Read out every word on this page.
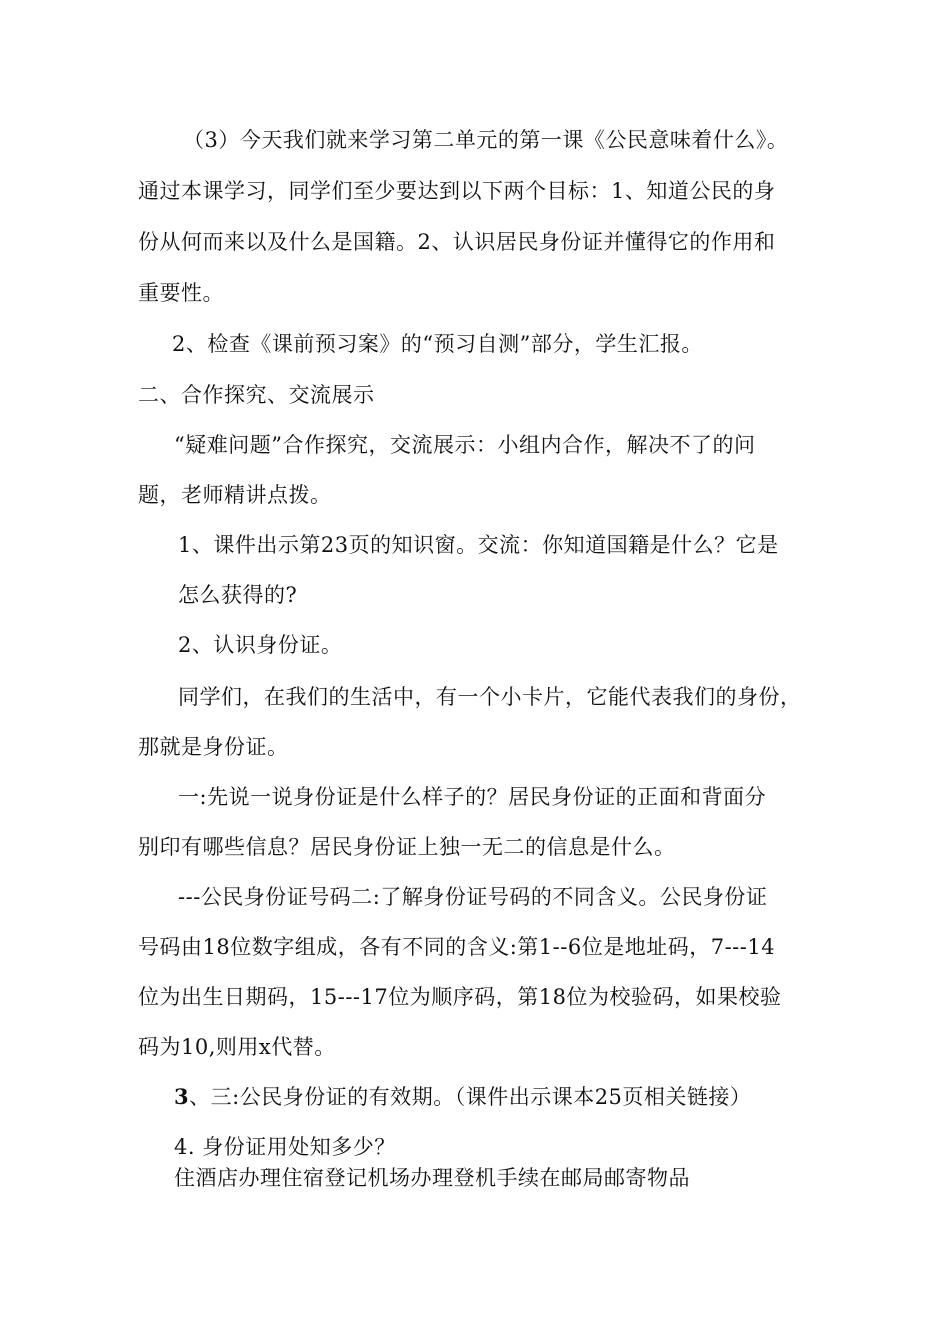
（3）今天我们就来学习第二单元的第一课《公民意味着什么》。
通过本课学习，同学们至少要达到以下两个目标：1、知道公民的身
份从何而来以及什么是国籍。2、认识居民身份证并懂得它的作用和
重要性。
2、检查《课前预习案》的“预习自测”部分，学生汇报。
二、合作探究、交流展示
“疑难问题”合作探究，交流展示：小组内合作，解决不了的问
题，老师精讲点拨。
1、课件出示第23页的知识窗。交流：你知道国籍是什么？它是
怎么获得的?
2、认识身份证。
同学们，在我们的生活中，有一个小卡片，它能代表我们的身份，
那就是身份证。
一:先说一说身份证是什么样子的？居民身份证的正面和背面分
别印有哪些信息？居民身份证上独一无二的信息是什么。
---公民身份证号码二:了解身份证号码的不同含义。公民身份证
号码由18位数字组成，各有不同的含义:第1--6位是地址码，7---14
位为出生日期码，15---17位为顺序码，第18位为校验码，如果校验
码为10,则用x代替。
3、三:公民身份证的有效期。（课件出示课本25页相关链接）
4. 身份证用处知多少？
住酒店办理住宿登记机场办理登机手续在邮局邮寄物品
